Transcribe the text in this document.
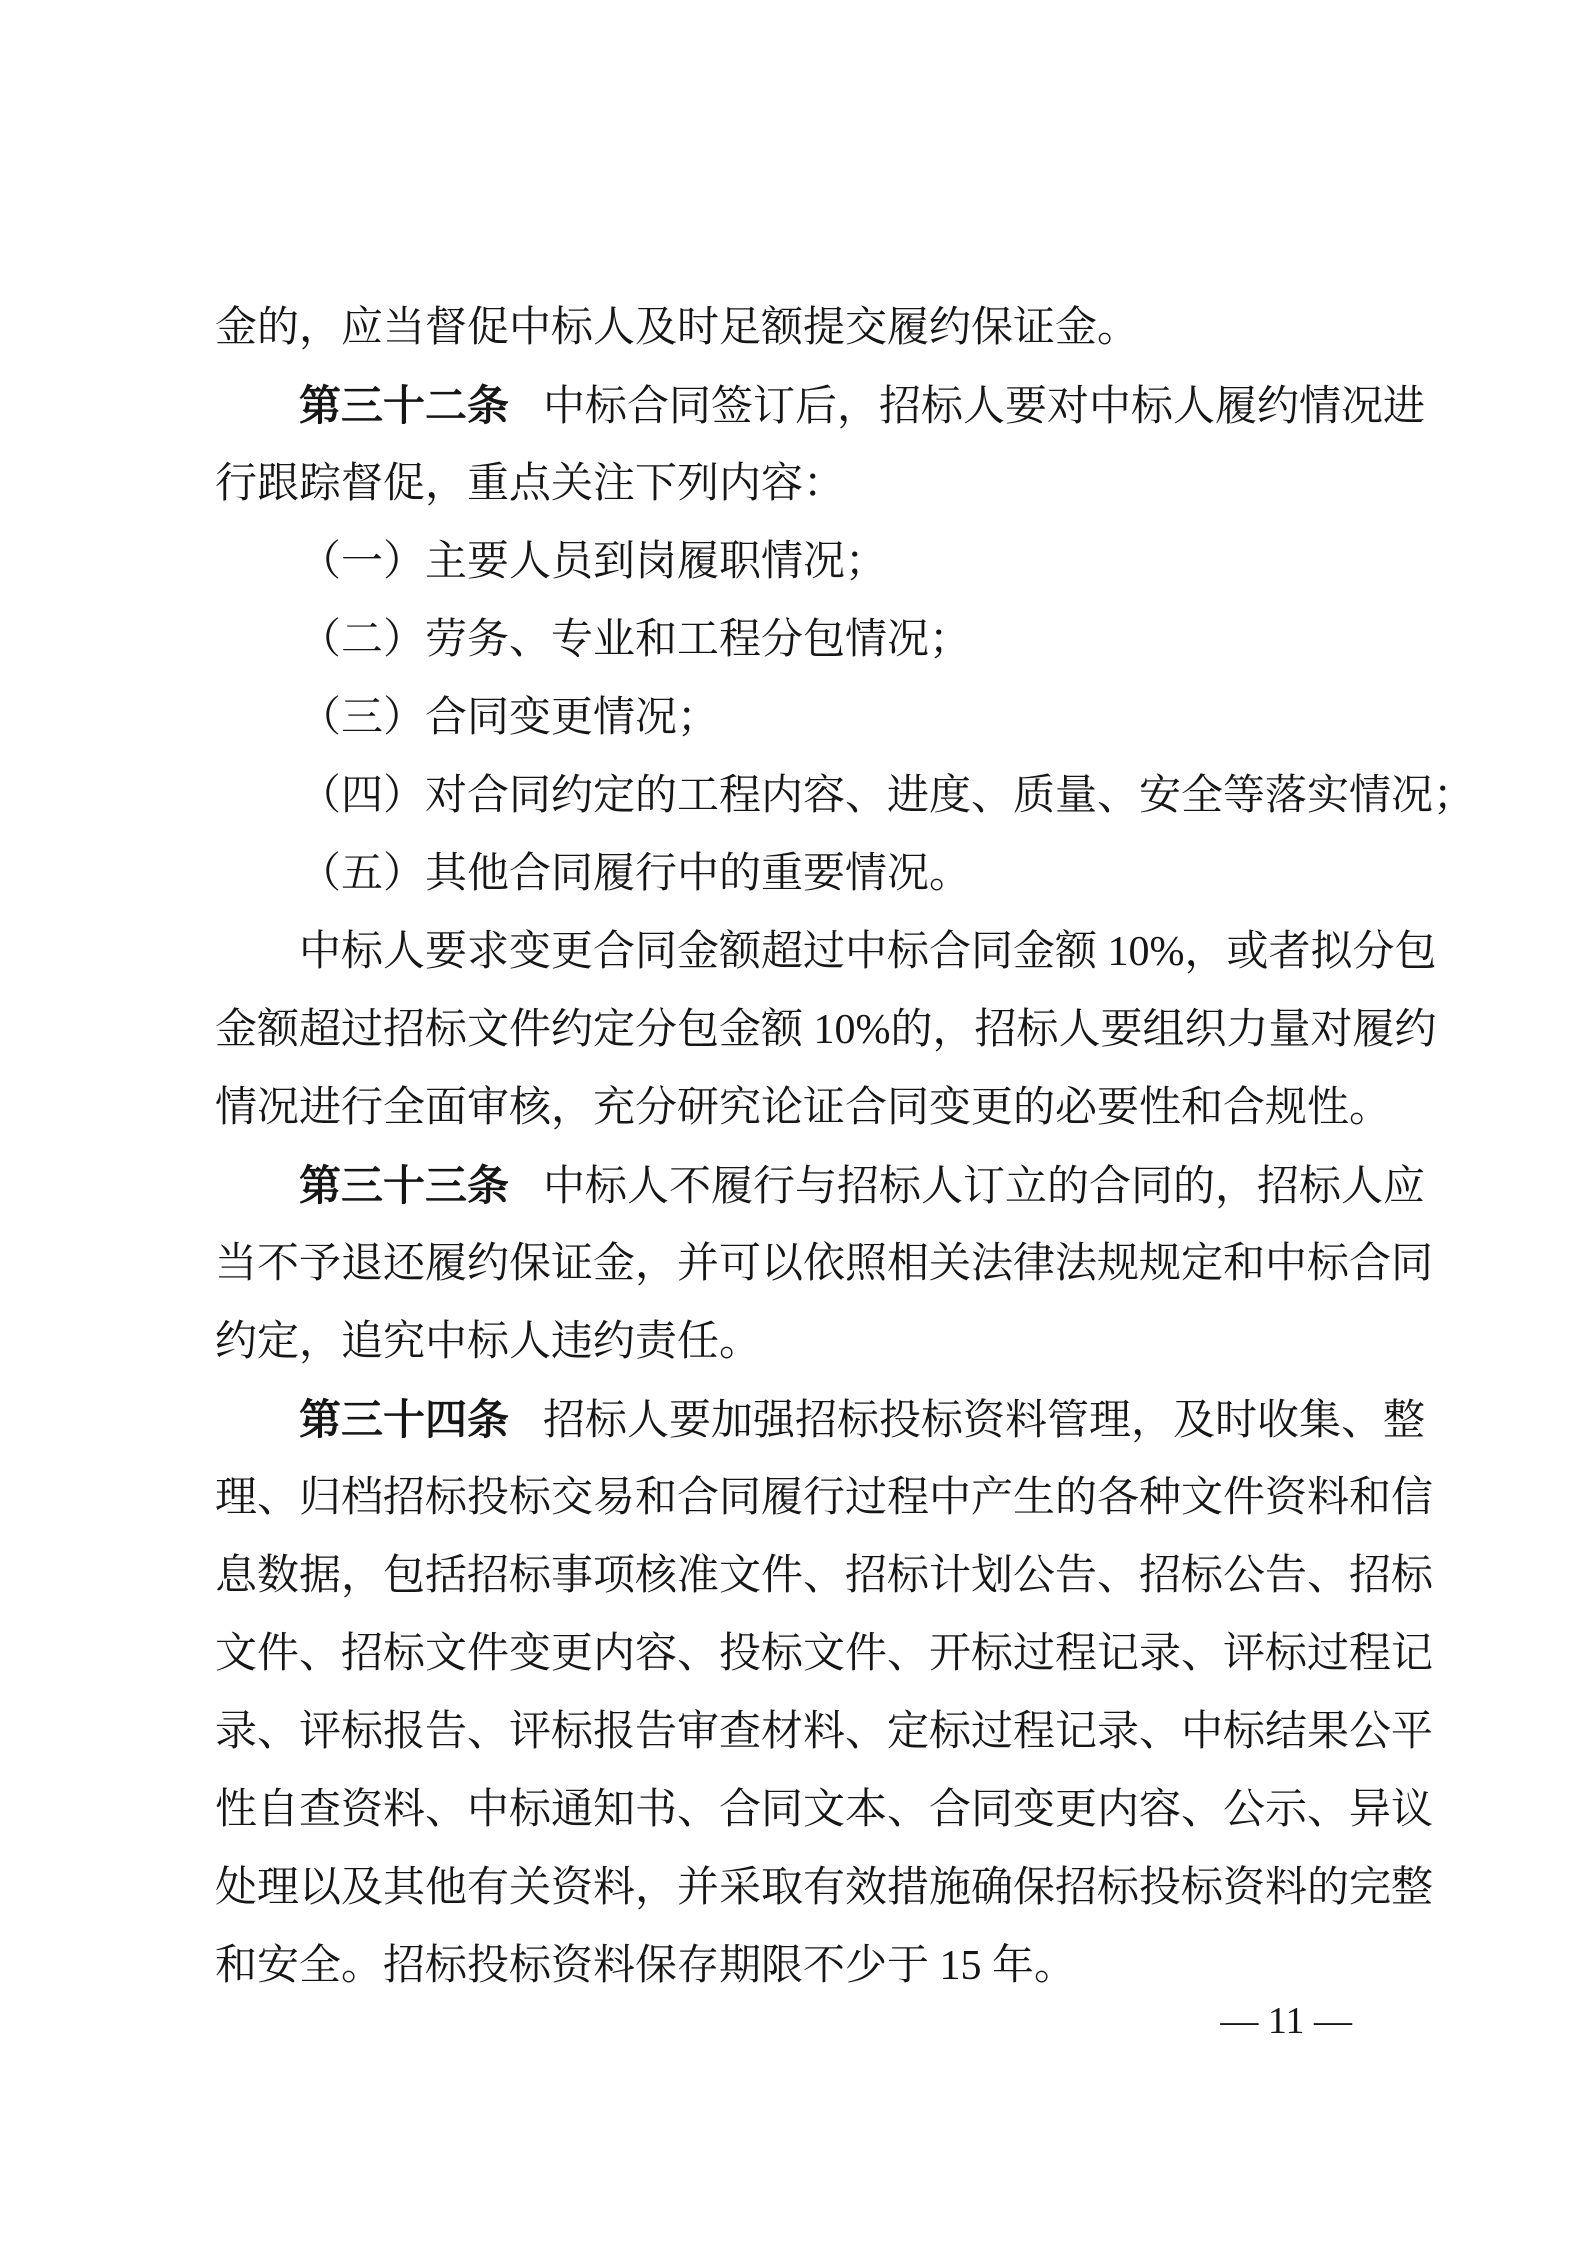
金的，应当督促中标人及时足额提交履约保证金。
第三十二条 中标合同签订后，招标人要对中标人履约情况进
行跟踪督促，重点关注下列内容：
（一）主要人员到岗履职情况；
（二）劳务、专业和工程分包情况；
（三）合同变更情况；
（四）对合同约定的工程内容、进度、质量、安全等落实情况；
（五）其他合同履行中的重要情况。
中标人要求变更合同金额超过中标合同金额 10%，或者拟分包
金额超过招标文件约定分包金额 10%的，招标人要组织力量对履约
情况进行全面审核，充分研究论证合同变更的必要性和合规性。
第三十三条 中标人不履行与招标人订立的合同的，招标人应
当不予退还履约保证金，并可以依照相关法律法规规定和中标合同
约定，追究中标人违约责任。
第三十四条 招标人要加强招标投标资料管理，及时收集、整
理、归档招标投标交易和合同履行过程中产生的各种文件资料和信
息数据，包括招标事项核准文件、招标计划公告、招标公告、招标
文件、招标文件变更内容、投标文件、开标过程记录、评标过程记
录、评标报告、评标报告审查材料、定标过程记录、中标结果公平
性自查资料、中标通知书、合同文本、合同变更内容、公示、异议
处理以及其他有关资料，并采取有效措施确保招标投标资料的完整
和安全。招标投标资料保存期限不少于 15 年。
— 11 —
